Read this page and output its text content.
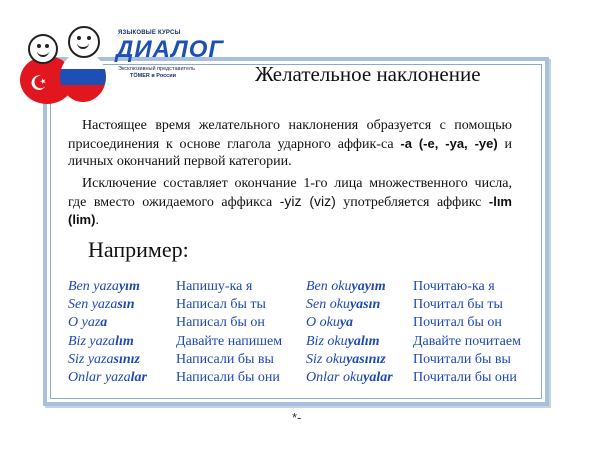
☪
ЯЗЫКОВЫЕ КУРСЫ
ДИАЛОГ
Эксклюзивный представитель
TÖMER в России	Желательное наклонение
Настоящее время желательного наклонения образуется с помощью присоединения к основе глагола ударного аффик-са -a (-e, -ya, -ye) и личных окончаний первой категории.
Исключение составляет окончание 1-го лица множественного числа, где вместо ожидаемого аффикса -yiz (viz) употребляется аффикс -lım (lim).
Например:
Ben yazayım	Напишу-ка я	Ben okuyayım	Почитаю-ка я
Sen yazasın	Написал бы ты	Sen okuyasın	Почитал бы ты
O yaza	Написал бы он	O okuya	Почитал бы он
Biz yazalım	Давайте напишем	Biz okuyalım	Давайте почитаем
Siz yazasınız	Написали бы вы	Siz okuyasınız	Почитали бы вы
Onlar yazalar	Написали бы они	Onlar okuyalar	Почитали бы они
*-
